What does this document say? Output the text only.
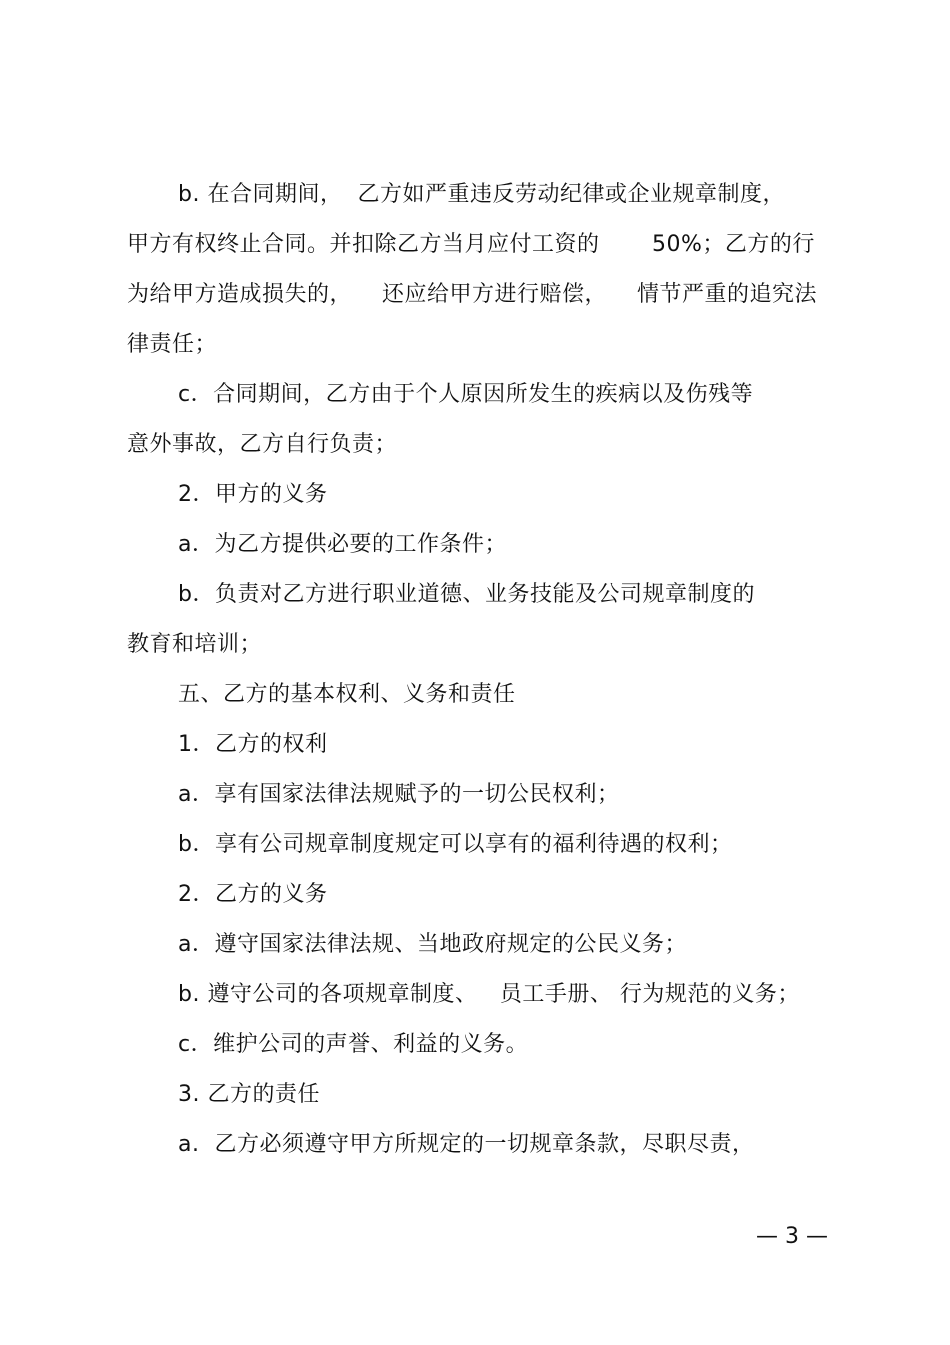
b. 在合同期间，  乙方如严重违反劳动纪律或企业规章制度，
甲方有权终止合同。并扣除乙方当月应付工资的       50%；乙方的行
为给甲方造成损失的，    还应给甲方进行赔偿，    情节严重的追究法
律责任；
c．合同期间，乙方由于个人原因所发生的疾病以及伤残等
意外事故，乙方自行负责；
2．甲方的义务
a．为乙方提供必要的工作条件；
b．负责对乙方进行职业道德、业务技能及公司规章制度的
教育和培训；
五、乙方的基本权利、义务和责任
1．乙方的权利
a．享有国家法律法规赋予的一切公民权利；
b．享有公司规章制度规定可以享有的福利待遇的权利；
2．乙方的义务
a．遵守国家法律法规、当地政府规定的公民义务；
b. 遵守公司的各项规章制度、   员工手册、 行为规范的义务；
c．维护公司的声誉、利益的义务。
3. 乙方的责任
a.  乙方必须遵守甲方所规定的一切规章条款，尽职尽责，
— 3 —
